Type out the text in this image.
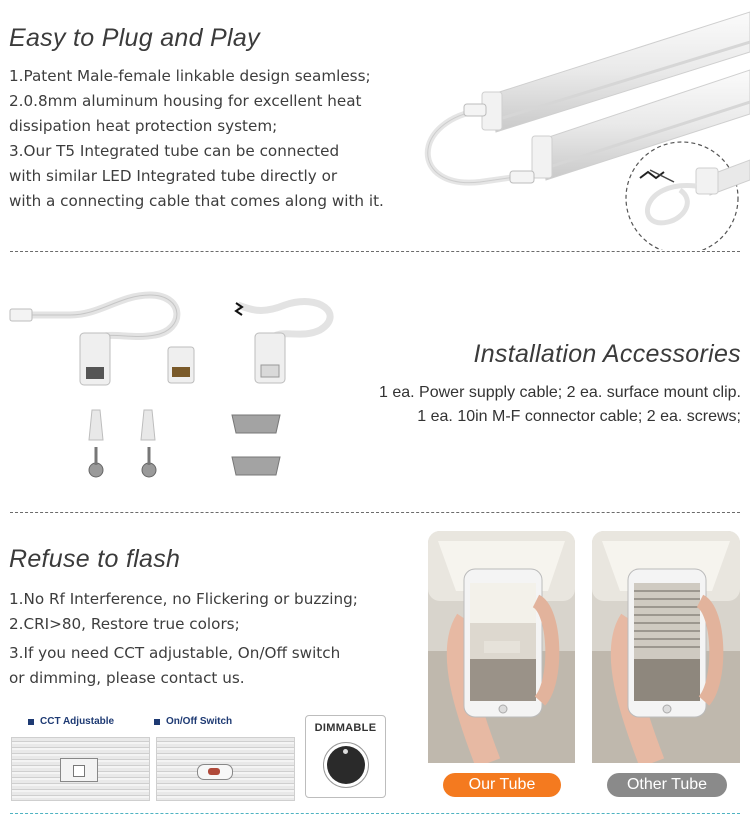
Easy to Plug and Play
1.Patent Male-female linkable design seamless;
2.0.8mm aluminum housing for excellent heat
dissipation heat protection system;
3.Our T5 Integrated tube can be connected
with similar LED Integrated tube directly or
with a connecting cable that comes along with it.
Installation Accessories
1 ea. Power supply cable; 2 ea. surface mount clip.
1 ea. 10in M-F connector cable; 2 ea. screws;
Refuse to flash
1.No Rf Interference, no Flickering or buzzing;
2.CRI>80, Restore true colors;
3.If you need CCT adjustable, On/Off switch
or dimming, please contact us.
CCT Adjustable	On/Off Switch
DIMMABLE
Our Tube	Other Tube
